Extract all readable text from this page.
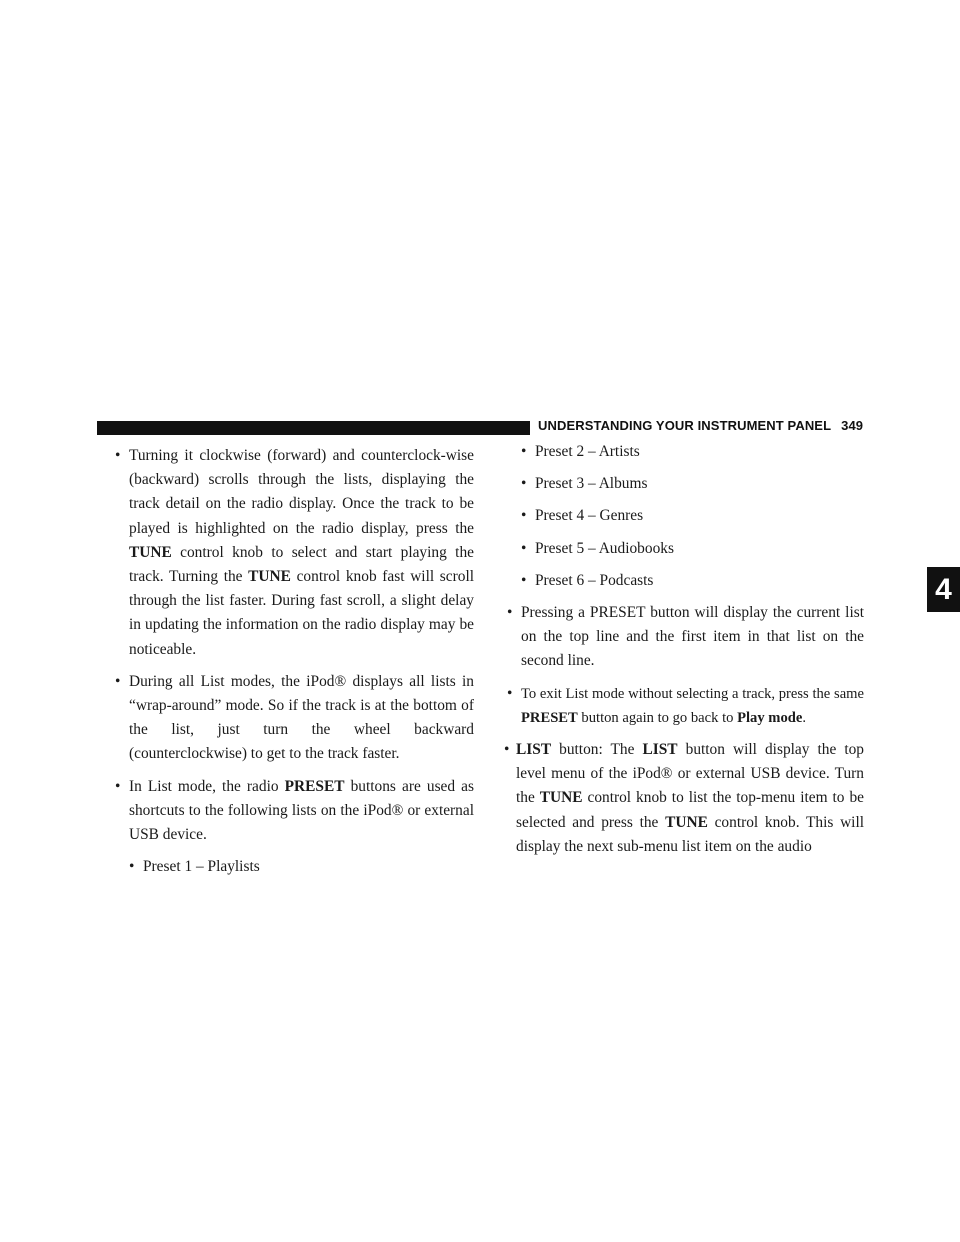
UNDERSTANDING YOUR INSTRUMENT PANEL 349
4
• Turning it clockwise (forward) and counterclock-wise (backward) scrolls through the lists, displaying the track detail on the radio display. Once the track to be played is highlighted on the radio display, press the TUNE control knob to select and start playing the track. Turning the TUNE control knob fast will scroll through the list faster. During fast scroll, a slight delay in updating the information on the radio display may be noticeable.
• During all List modes, the iPod® displays all lists in “wrap-around” mode. So if the track is at the bottom of the list, just turn the wheel backward (counterclockwise) to get to the track faster.
• In List mode, the radio PRESET buttons are used as shortcuts to the following lists on the iPod® or external USB device.
• Preset 1 – Playlists
• Preset 2 – Artists
• Preset 3 – Albums
• Preset 4 – Genres
• Preset 5 – Audiobooks
• Preset 6 – Podcasts
• Pressing a PRESET button will display the current list on the top line and the first item in that list on the second line.
• To exit List mode without selecting a track, press the same PRESET button again to go back to Play mode.
• LIST button: The LIST button will display the top level menu of the iPod® or external USB device. Turn the TUNE control knob to list the top-menu item to be selected and press the TUNE control knob. This will display the next sub-menu list item on the audio
